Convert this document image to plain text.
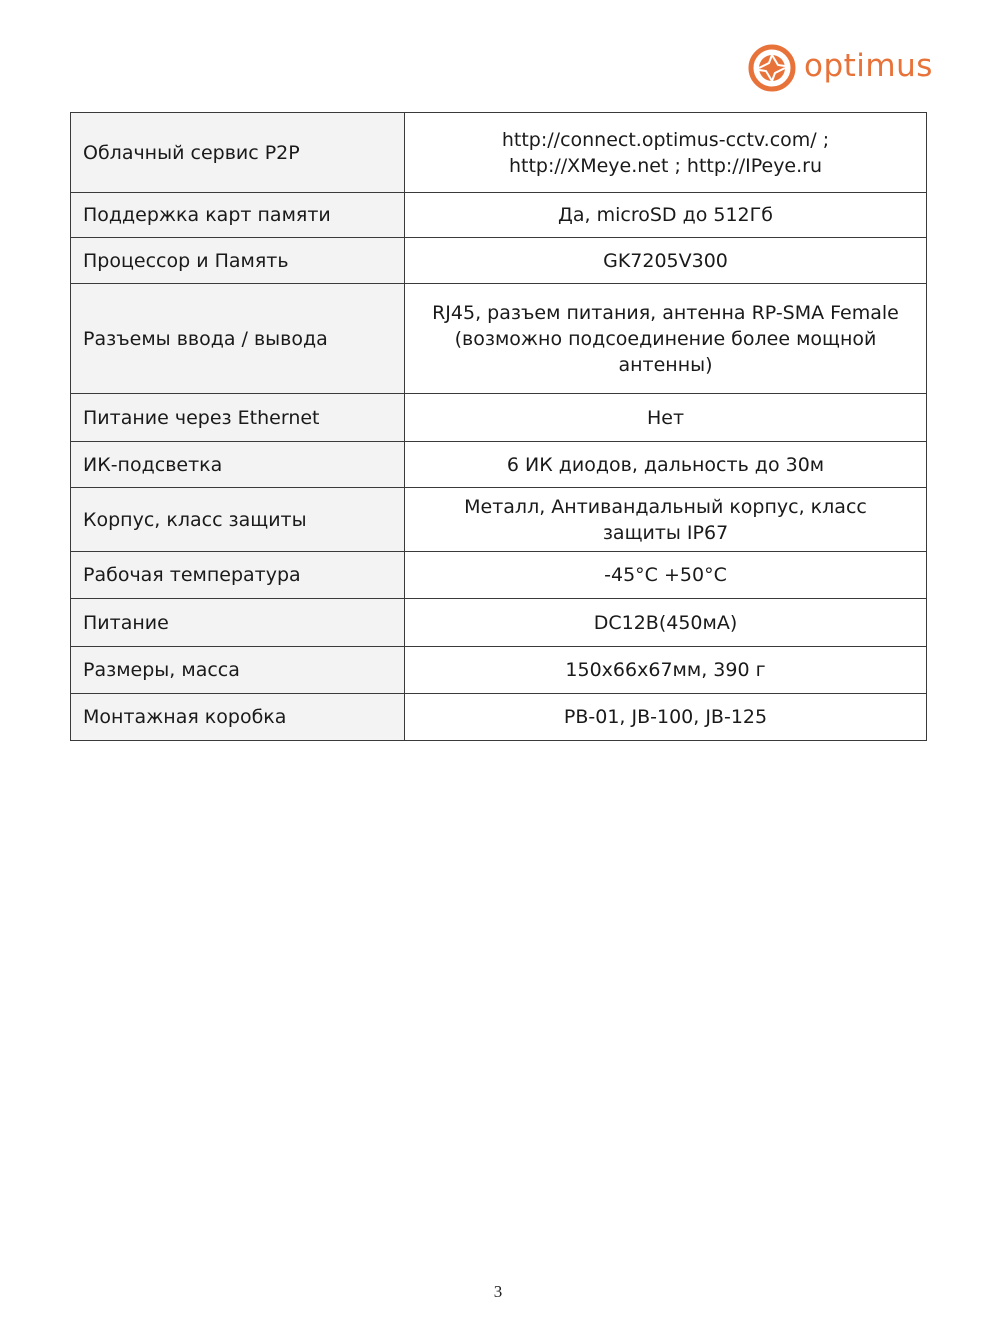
optimus
Облачный сервис P2P	http://connect.optimus-cctv.com/ ;
http://XMeye.net ; http://IPeye.ru

Поддержка карт памяти	Да, microSD до 512Гб

Процессор и Память	GK7205V300

Разъемы ввода / вывода	RJ45, разъем питания, антенна RP-SMA Female
(возможно подсоединение более мощной
антенны)

Питание через Ethernet	Нет

ИК-подсветка	6 ИК диодов, дальность до 30м

Корпус, класс защиты	Металл, Антивандальный корпус, класс
защиты IP67

Рабочая температура	-45°C +50°C

Питание	DC12В(450мА)

Размеры, масса	150x66x67мм, 390 г

Монтажная коробка	PB-01, JB-100, JB-125
3
